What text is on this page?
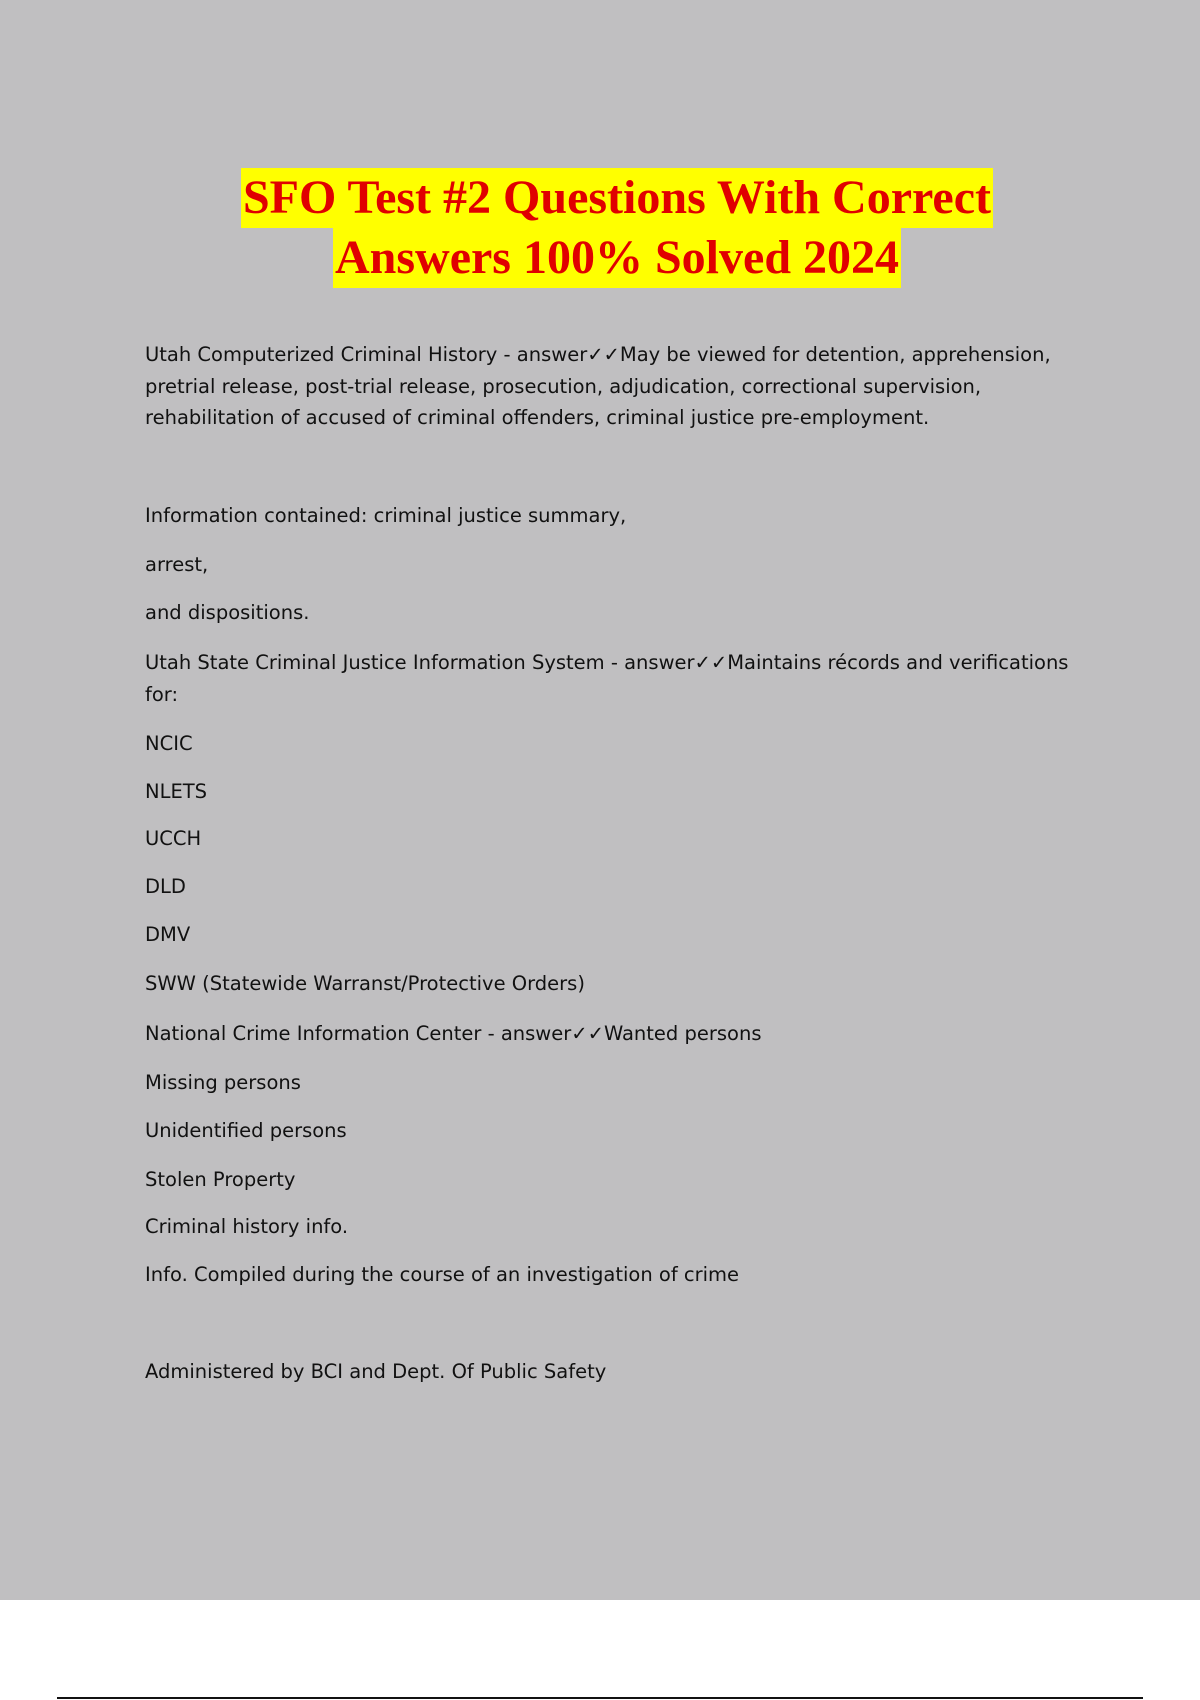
SFO Test #2 Questions With Correct
Answers 100% Solved 2024
Utah Computerized Criminal History - answer✓✓May be viewed for detention, apprehension,
pretrial release, post-trial release, prosecution, adjudication, correctional supervision,
rehabilitation of accused of criminal offenders, criminal justice pre-employment.
Information contained: criminal justice summary,
arrest,
and dispositions.
Utah State Criminal Justice Information System - answer✓✓Maintains récords and verifications
for:
NCIC
NLETS
UCCH
DLD
DMV
SWW (Statewide Warranst/Protective Orders)
National Crime Information Center - answer✓✓Wanted persons
Missing persons
Unidentified persons
Stolen Property
Criminal history info.
Info. Compiled during the course of an investigation of crime
Administered by BCI and Dept. Of Public Safety
